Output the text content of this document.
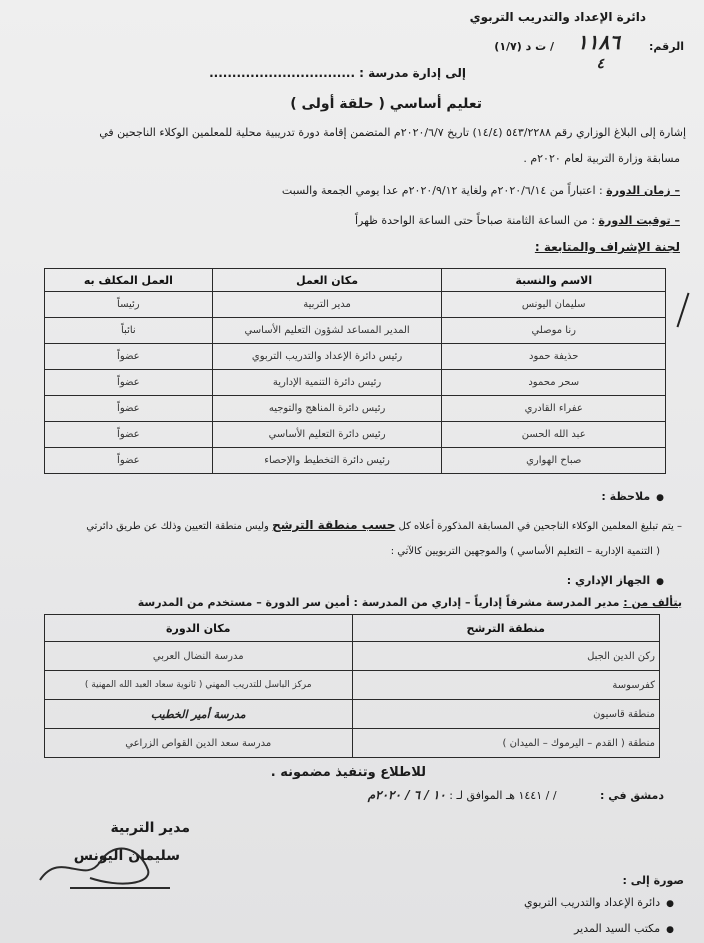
دائرة الإعداد والتدريب التربوي
الرقم:
١١٨٦
/ ت د (١/٧)
٤
إلى إدارة مدرسة : ................................
تعليم أساسي ( حلقة أولى )
إشارة إلى البلاغ الوزاري رقم ٥٤٣/٢٢٨٨ (١٤/٤) تاريخ ٢٠٢٠/٦/٧م المتضمن إقامة دورة تدريبية محلية للمعلمين الوكلاء الناجحين في
مسابقة وزارة التربية لعام ٢٠٢٠م .
– زمان الدورة : اعتباراً من ٢٠٢٠/٦/١٤م ولغاية ٢٠٢٠/٩/١٢م عدا يومي الجمعة والسبت
– توقيت الدورة : من الساعة الثامنة صباحاً حتى الساعة الواحدة ظهراً
لجنة الإشراف والمتابعة :
الاسم والنسبة	مكان العمل	العمل المكلف به
سليمان اليونس	مدير التربية	رئيساً
رنا موصلي	المدير المساعد لشؤون التعليم الأساسي	نائباً
حذيفة حمود	رئيس دائرة الإعداد والتدريب التربوي	عضواً
سحر محمود	رئيس دائرة التنمية الإدارية	عضواً
عفراء القادري	رئيس دائرة المناهج والتوجيه	عضواً
عبد الله الحسن	رئيس دائرة التعليم الأساسي	عضواً
صباح الهواري	رئيس دائرة التخطيط والإحصاء	عضواً
● ملاحظة :
– يتم تبليغ المعلمين الوكلاء الناجحين في المسابقة المذكورة أعلاه كل حسب منطقة الترشح وليس منطقة التعيين وذلك عن طريق دائرتي
( التنمية الإدارية – التعليم الأساسي ) والموجهين التربويين كالآتي :
● الجهاز الإداري :
يتألف من : مدير المدرسة مشرفاً إدارياً – إداري من المدرسة : أمين سر الدورة – مستخدم من المدرسة
منطقة الترشح	مكان الدورة
ركن الدين الجبل	مدرسة النضال العربي
كفرسوسة	مركز الباسل للتدريب المهني ( ثانوية سعاد العبد الله المهنية )
منطقة قاسيون	مدرسة أمير الخطيب
منطقة ( القدم – اليرموك – الميدان )	مدرسة سعد الدين القواص الزراعي
للاطلاع وتنفيذ مضمونه .
دمشق في : / / ١٤٤١ هـ الموافق لـ : ١٠ / ٦ / ٢٠٢٠م
مدير التربية
سليمان اليونس
صورة إلى :
● دائرة الإعداد والتدريب التربوي
● مكتب السيد المدير
